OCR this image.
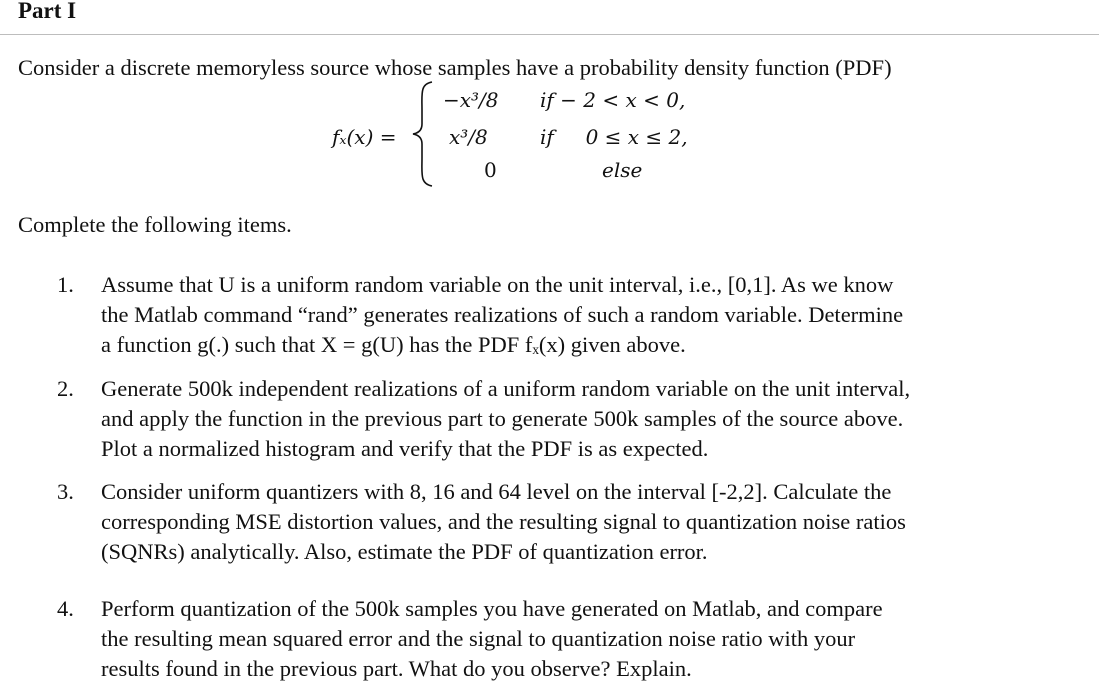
Part I
Consider a discrete memoryless source whose samples have a probability density function (PDF)
fₓ(x) =
−x³/8
x³/8
0
if − 2 < x < 0,
if     0 ≤ x ≤ 2,
else
Complete the following items.
1. Assume that U is a uniform random variable on the unit interval, i.e., [0,1]. As we know
the Matlab command “rand” generates realizations of such a random variable. Determine
a function g(.) such that X = g(U) has the PDF fₓ(x) given above.
2. Generate 500k independent realizations of a uniform random variable on the unit interval,
and apply the function in the previous part to generate 500k samples of the source above.
Plot a normalized histogram and verify that the PDF is as expected.
3. Consider uniform quantizers with 8, 16 and 64 level on the interval [-2,2]. Calculate the
corresponding MSE distortion values, and the resulting signal to quantization noise ratios
(SQNRs) analytically. Also, estimate the PDF of quantization error.
4. Perform quantization of the 500k samples you have generated on Matlab, and compare
the resulting mean squared error and the signal to quantization noise ratio with your
results found in the previous part. What do you observe? Explain.
